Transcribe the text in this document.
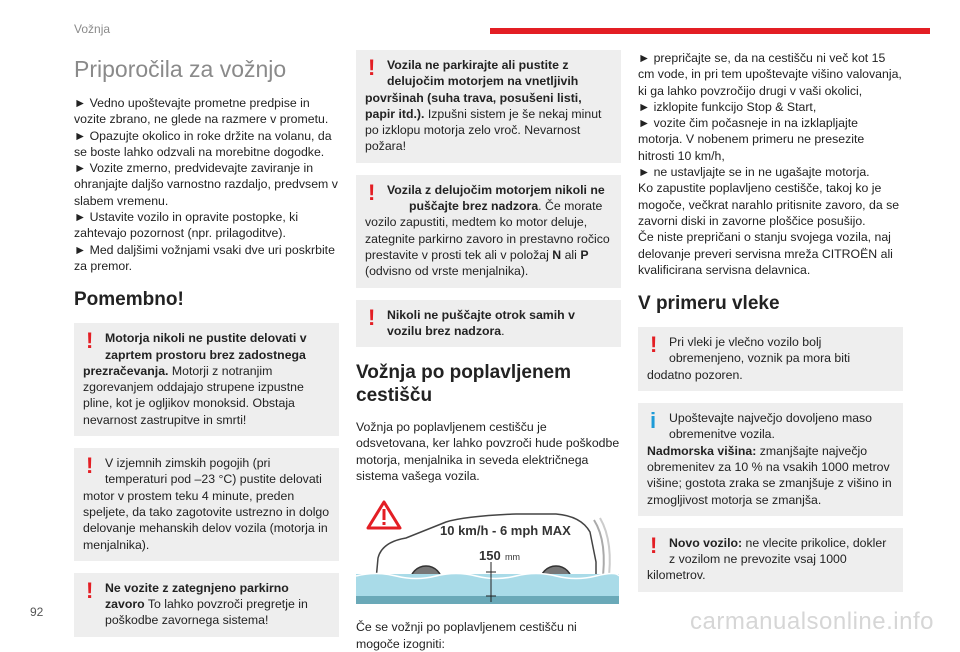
Vožnja
Priporočila za vožnjo

► Vedno upoštevajte prometne predpise in vozite zbrano, ne glede na razmere v prometu.

► Opazujte okolico in roke držite na volanu, da se boste lahko odzvali na morebitne dogodke.

► Vozite zmerno, predvidevajte zaviranje in ohranjajte daljšo varnostno razdaljo, predvsem v slabem vremenu.

► Ustavite vozilo in opravite postopke, ki zahtevajo pozornost (npr. prilagoditve).

► Med daljšimi vožnjami vsaki dve uri poskrbite za premor.

Pomembno!
! Motorja nikoli ne pustite delovati v zaprtem prostoru brez zadostnega
prezračevanja. Motorji z notranjim zgorevanjem oddajajo strupene izpustne pline, kot je ogljikov monoksid. Obstaja nevarnost zastrupitve in smrti!
! V izjemnih zimskih pogojih (pri temperaturi pod –23 °C) pustite delovati
motor v prostem teku 4 minute, preden speljete, da tako zagotovite ustrezno in dolgo delovanje mehanskih delov vozila (motorja in menjalnika).
! Ne vozite z zategnjeno parkirno
zavoro To lahko povzroči pregretje in poškodbe zavornega sistema!
! Vozila ne parkirajte ali pustite z delujočim motorjem na vnetljivih
površinah (suha trava, posušeni listi, papir itd.). Izpušni sistem je še nekaj minut po izklopu motorja zelo vroč. Nevarnost požara!
! Vozila z delujočim motorjem nikoli ne
puščajte brez nadzora. Če morate vozilo zapustiti, medtem ko motor deluje, zategnite parkirno zavoro in prestavno ročico prestavite v prosti tek ali v položaj N ali P (odvisno od vrste menjalnika).
! Nikoli ne puščajte otrok samih v
vozilu brez nadzora.
Vožnja po poplavljenem cestišču

Vožnja po poplavljenem cestišču je odsvetovana, ker lahko povzroči hude poškodbe motorja, menjalnika in seveda električnega sistema vašega vozila.

10 km/h - 6 mph MAX
150 mm

Če se vožnji po poplavljenem cestišču ni mogoče izogniti:

► prepričajte se, da na cestišču ni več kot 15 cm vode, in pri tem upoštevajte višino valovanja, ki ga lahko povzročijo drugi v vaši okolici,

► izklopite funkcijo Stop & Start,

► vozite čim počasneje in na izklapljajte motorja. V nobenem primeru ne presezite hitrosti 10 km/h,

► ne ustavljajte se in ne ugašajte motorja.

Ko zapustite poplavljeno cestišče, takoj ko je mogoče, večkrat narahlo pritisnite zavoro, da se zavorni diski in zavorne ploščice posušijo.

Če niste prepričani o stanju svojega vozila, naj delovanje preveri servisna mreža CITROËN ali kvalificirana servisna delavnica.

V primeru vleke
! Pri vleki je vlečno vozilo bolj obremenjeno, voznik pa mora biti
dodatno pozoren.
i	Upoštevajte največjo dovoljeno maso obremenitve vozila.
Nadmorska višina: zmanjšajte največjo obremenitev za 10 % na vsakih 1000 metrov višine; gostota zraka se zmanjšuje z višino in zmogljivost motorja se zmanjša.
! Novo vozilo: ne vlecite prikolice, dokler z vozilom ne prevozite vsaj 1000
kilometrov.
92	carmanualsonline.info
